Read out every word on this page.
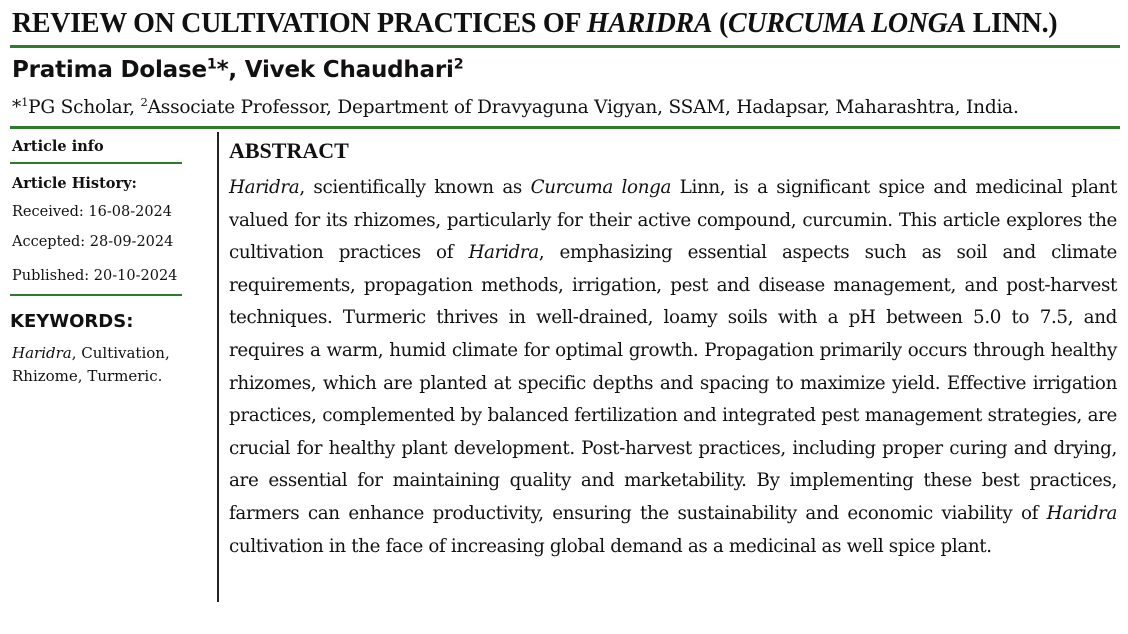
REVIEW ON CULTIVATION PRACTICES OF HARIDRA (CURCUMA LONGA LINN.)
Pratima Dolase$^1$*, Vivek Chaudhari$^2$
*$^1$PG Scholar, $^2$Associate Professor, Department of Dravyaguna Vigyan, SSAM, Hadapsar, Maharashtra, India.
Article info
Article History:
Received: 16-08-2024
Accepted: 28-09-2024
Published: 20-10-2024
KEYWORDS:
Haridra, Cultivation, Rhizome, Turmeric.
ABSTRACT
Haridra, scientifically known as Curcuma longa Linn, is a significant spice and medicinal plant valued for its rhizomes, particularly for their active compound, curcumin. This article explores the cultivation practices of Haridra, emphasizing essential aspects such as soil and climate requirements, propagation methods, irrigation, pest and disease management, and post-harvest techniques. Turmeric thrives in well-drained, loamy soils with a pH between 5.0 to 7.5, and requires a warm, humid climate for optimal growth. Propagation primarily occurs through healthy rhizomes, which are planted at specific depths and spacing to maximize yield. Effective irrigation practices, complemented by balanced fertilization and integrated pest management strategies, are crucial for healthy plant development. Post-harvest practices, including proper curing and drying, are essential for maintaining quality and marketability. By implementing these best practices, farmers can enhance productivity, ensuring the sustainability and economic viability of Haridra cultivation in the face of increasing global demand as a medicinal as well spice plant.
